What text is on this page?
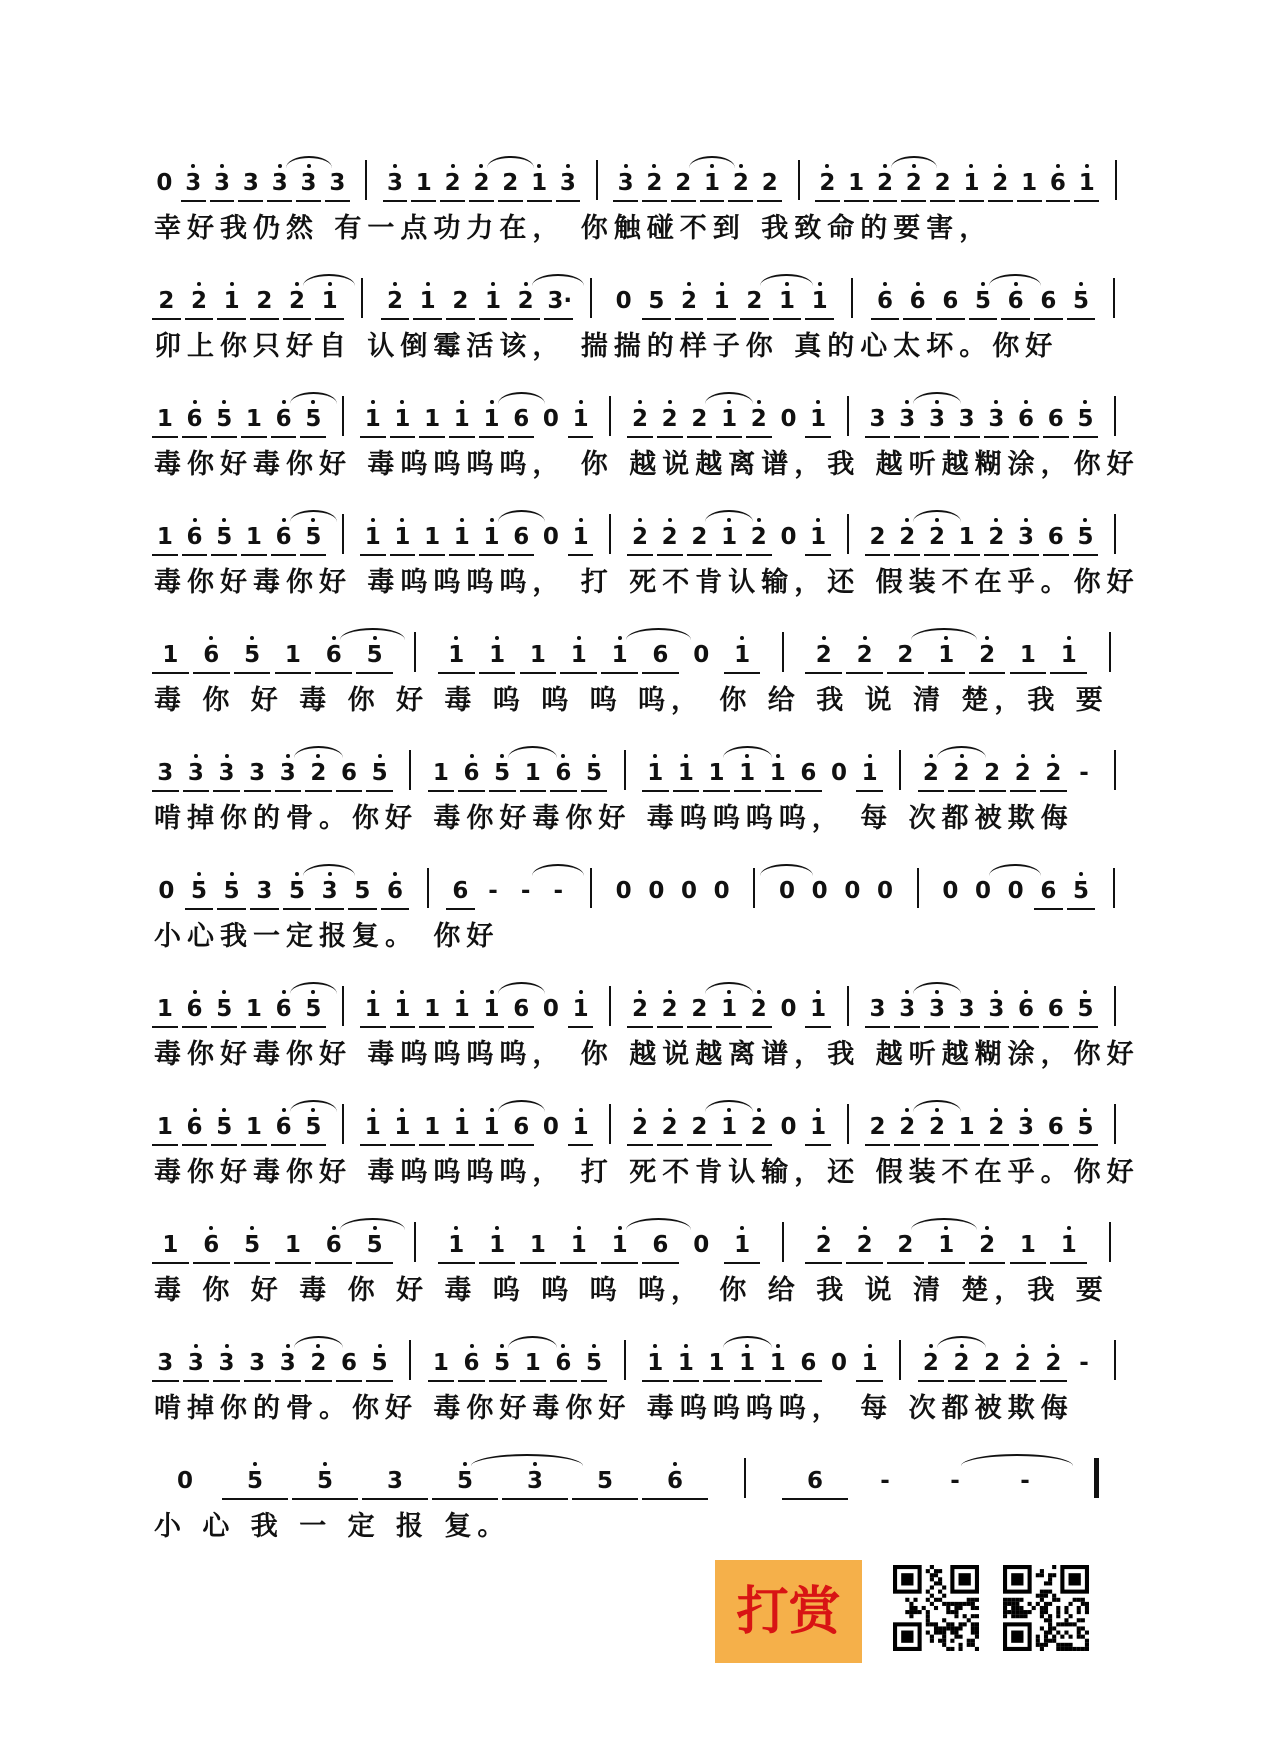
0 3 3 3 3 3 3 3 1 2 2 2 1 3 3 2 2 1 2 2 2 1 2 2 2 1 2 1 6 1
幸好我仍然 有一点功力在， 你触碰不到 我致命的要害，
2 2 1 2 2 1 2 1 2 1 2 3· 0 5 2 1 2 1 1 6 6 6 5 6 6 5
卯上你只好自 认倒霉活该， 揣揣的样子你 真的心太坏。你好
1 6 5 1 6 5 1 1 1 1 1 6 0 1 2 2 2 1 2 0 1 3 3 3 3 3 6 6 5
毒你好毒你好 毒呜呜呜呜， 你 越说越离谱，我 越听越糊涂，你好
1 6 5 1 6 5 1 1 1 1 1 6 0 1 2 2 2 1 2 0 1 2 2 2 1 2 3 6 5
毒你好毒你好 毒呜呜呜呜， 打 死不肯认输，还 假装不在乎。你好
1 6 5 1 6 5	1 1 1 1 1 6 0 1	2 2 2 1 2 1 1
毒 你 好 毒 你 好 毒 呜 呜 呜 呜， 你 给 我 说 清 楚，我 要
3 3 3 3 3 2 6 5 1 6 5 1 6 5 1 1 1 1 1 6 0 1 2 2 2 2 2 -
啃掉你的骨。你好 毒你好毒你好 毒呜呜呜呜， 每 次都被欺侮
0 5 5 3 5 3 5 6 6 - - - 0 0 0 0 0 0 0 0 0 0 0 6 5
小心我一定报复。 你好
1 6 5 1 6 5 1 1 1 1 1 6 0 1 2 2 2 1 2 0 1 3 3 3 3 3 6 6 5
毒你好毒你好 毒呜呜呜呜， 你 越说越离谱，我 越听越糊涂，你好
1 6 5 1 6 5 1 1 1 1 1 6 0 1 2 2 2 1 2 0 1 2 2 2 1 2 3 6 5
毒你好毒你好 毒呜呜呜呜， 打 死不肯认输，还 假装不在乎。你好
1 6 5 1 6 5	1 1 1 1 1 6 0 1	2 2 2 1 2 1 1
毒 你 好 毒 你 好 毒 呜 呜 呜 呜， 你 给 我 说 清 楚，我 要
3 3 3 3 3 2 6 5 1 6 5 1 6 5 1 1 1 1 1 6 0 1 2 2 2 2 2 -
啃掉你的骨。你好 毒你好毒你好 毒呜呜呜呜， 每 次都被欺侮
0 5 5 3 5 3 5 6	6 -	-	-
小 心 我 一 定 报 复。
打赏
